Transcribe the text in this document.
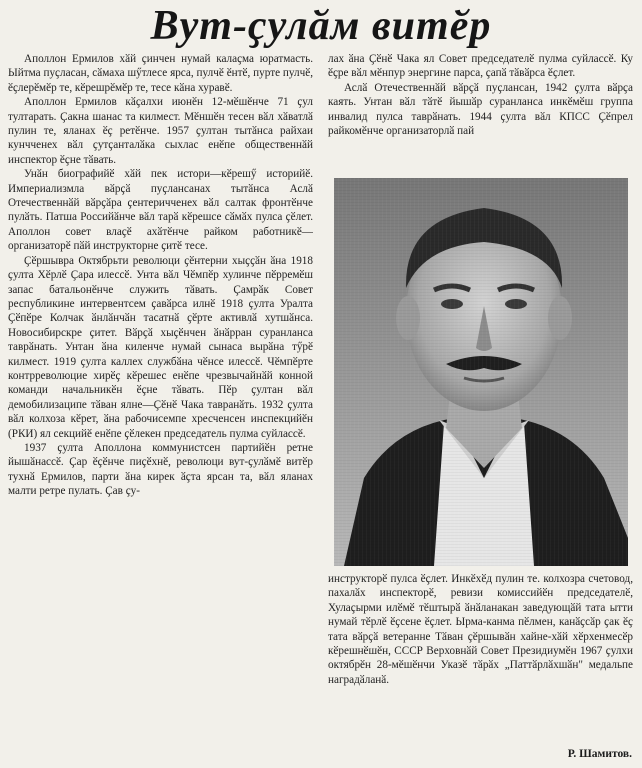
Вут-ҫулӑм витӗр

Аполлон Ермилов хӑй ҫинчен нумай калаҫма юратмасть. Ыйтма пуҫласан, сӑмаха шӳтлесе ярса, пулчӗ ӗнтӗ, пурте пулчӗ, ӗҫлерӗмӗр те, кӗрешрӗмӗр те, тесе кӑна хуравӗ.

Аполлон Ермилов кӑҫалхи июнӗн 12-мӗшӗнче 71 ҫул тултарать. Ҫакна шанас та килмест. Мӗншӗн тесен вӑл хӑватлӑ пулин те, яланах ӗҫ ретӗнче. 1957 ҫултан тытӑнса райхаи кунчченех вӑл ҫутҫанталӑка сыхлас енӗпе общественнӑй инспектор ӗҫне тӑвать.

Унӑн биографийӗ хӑй пек истори—кӗрешӳ историйӗ. Империализмла вӑрҫӑ пуҫлансанах тытӑнса Аслӑ Отечественнӑй вӑрҫӑра ҫентеричченех вӑл салтак фронтӗнче пулӑть. Патша Российӑнче вӑл тарӑ кӗрешсе сӑмӑх пулса ҫӗлет. Аполлон совет влаҫӗ ахӑтӗнче райком работникӗ— организаторӗ пӑй инструкторне ҫитӗ тесе.

Ҫӗршывра Октябрьти революци ҫӗнтерни хыҫҫӑн ӑна 1918 ҫулта Хӗрлӗ Ҫара илессӗ. Унта вӑл Чӗмпӗр хулинче пӗрремӗш запас батальонӗнче служить тӑвать. Ҫамрӑк Совет республикине интервентсем ҫавӑрса илнӗ 1918 ҫулта Уралта Ҫӗпӗре Колчак ӑнлӑнчӑн тасатнӑ ҫӗрте активлӑ хутшӑнса. Новосибирскре ҫитет. Вӑрҫӑ хыҫӗнчен ӑнӑрран суранланса таврӑнать. Унтан ӑна киленче нумай сынаса вырӑна тӳрӗ килмест. 1919 ҫулта каллех службӑна чӗнсе илессӗ. Чӗмпӗрте контрреволюцие хирӗҫ кӗрешес енӗпе чрезвычайнӑй конной команди начальникӗн ӗҫне тӑвать. Пӗр ҫултан вӑл демобилизаципе тӑван ялне—Ҫӗнӗ Чака тавранӑть. 1932 ҫулта вӑл колхоза кӗрет, ӑна рабочисемпе хресченсен инспекцийӗн (РКИ) ял секцийӗ енӗпе ҫӗлекен председатель пулма суйлассӗ.

1937 ҫулта Аполлона коммунистсен партийӗн ретне йышӑнассӗ. Ҫар ӗҫӗнче пиҫӗхнӗ, революци вут-ҫулӑмӗ витӗр тухнӑ Ермилов, парти ӑна кирек ӑҫта ярсан та, вӑл яланах малти ретре пулать. Ҫав ҫу-

лах ӑна Ҫӗнӗ Чака ял Совет председателӗ пулма суйлассӗ. Ку ӗҫре вӑл мӗнпур энергине парса, ҫапӑ тӑвӑрса ӗҫлет.

Аслӑ Отечественнӑй вӑрҫӑ пуҫлансан, 1942 ҫулта вӑрҫа каять. Унтан вӑл тӑтӗ йышӑр суранланса инкӗмӗш группа инвалид пулса таврӑнать. 1944 ҫулта вӑл КПСС Ҫӗпрел райкомӗнче организаторлӑ пай

инструкторӗ пулса ӗҫлет. Инкӗхӗд пулин те. колхозра счетовод, пахалӑх инспекторӗ, ревизи комиссийӗн председателӗ, Хулаҫырми илӗмӗ тӗштырӑ ӑнӑланакан заведующӑй тата ытти нумай тӗрлӗ ӗҫсене ӗҫлет. Ырма-канма пӗлмен, канӑҫсӑр ҫак ӗҫ тата вӑрҫӑ ветеранне Тӑван ҫӗршывӑн хайне-хӑй хӗрхенмесӗр кӗрешнӗшӗн, СССР Верховнӑй Совет Президиумӗн 1967 ҫулхи октябрӗн 28-мӗшӗнчи Указӗ тӑрӑх „Паттӑрлӑхшӑн" медальпе наградӑланӑ.

Р. Шамитов.
